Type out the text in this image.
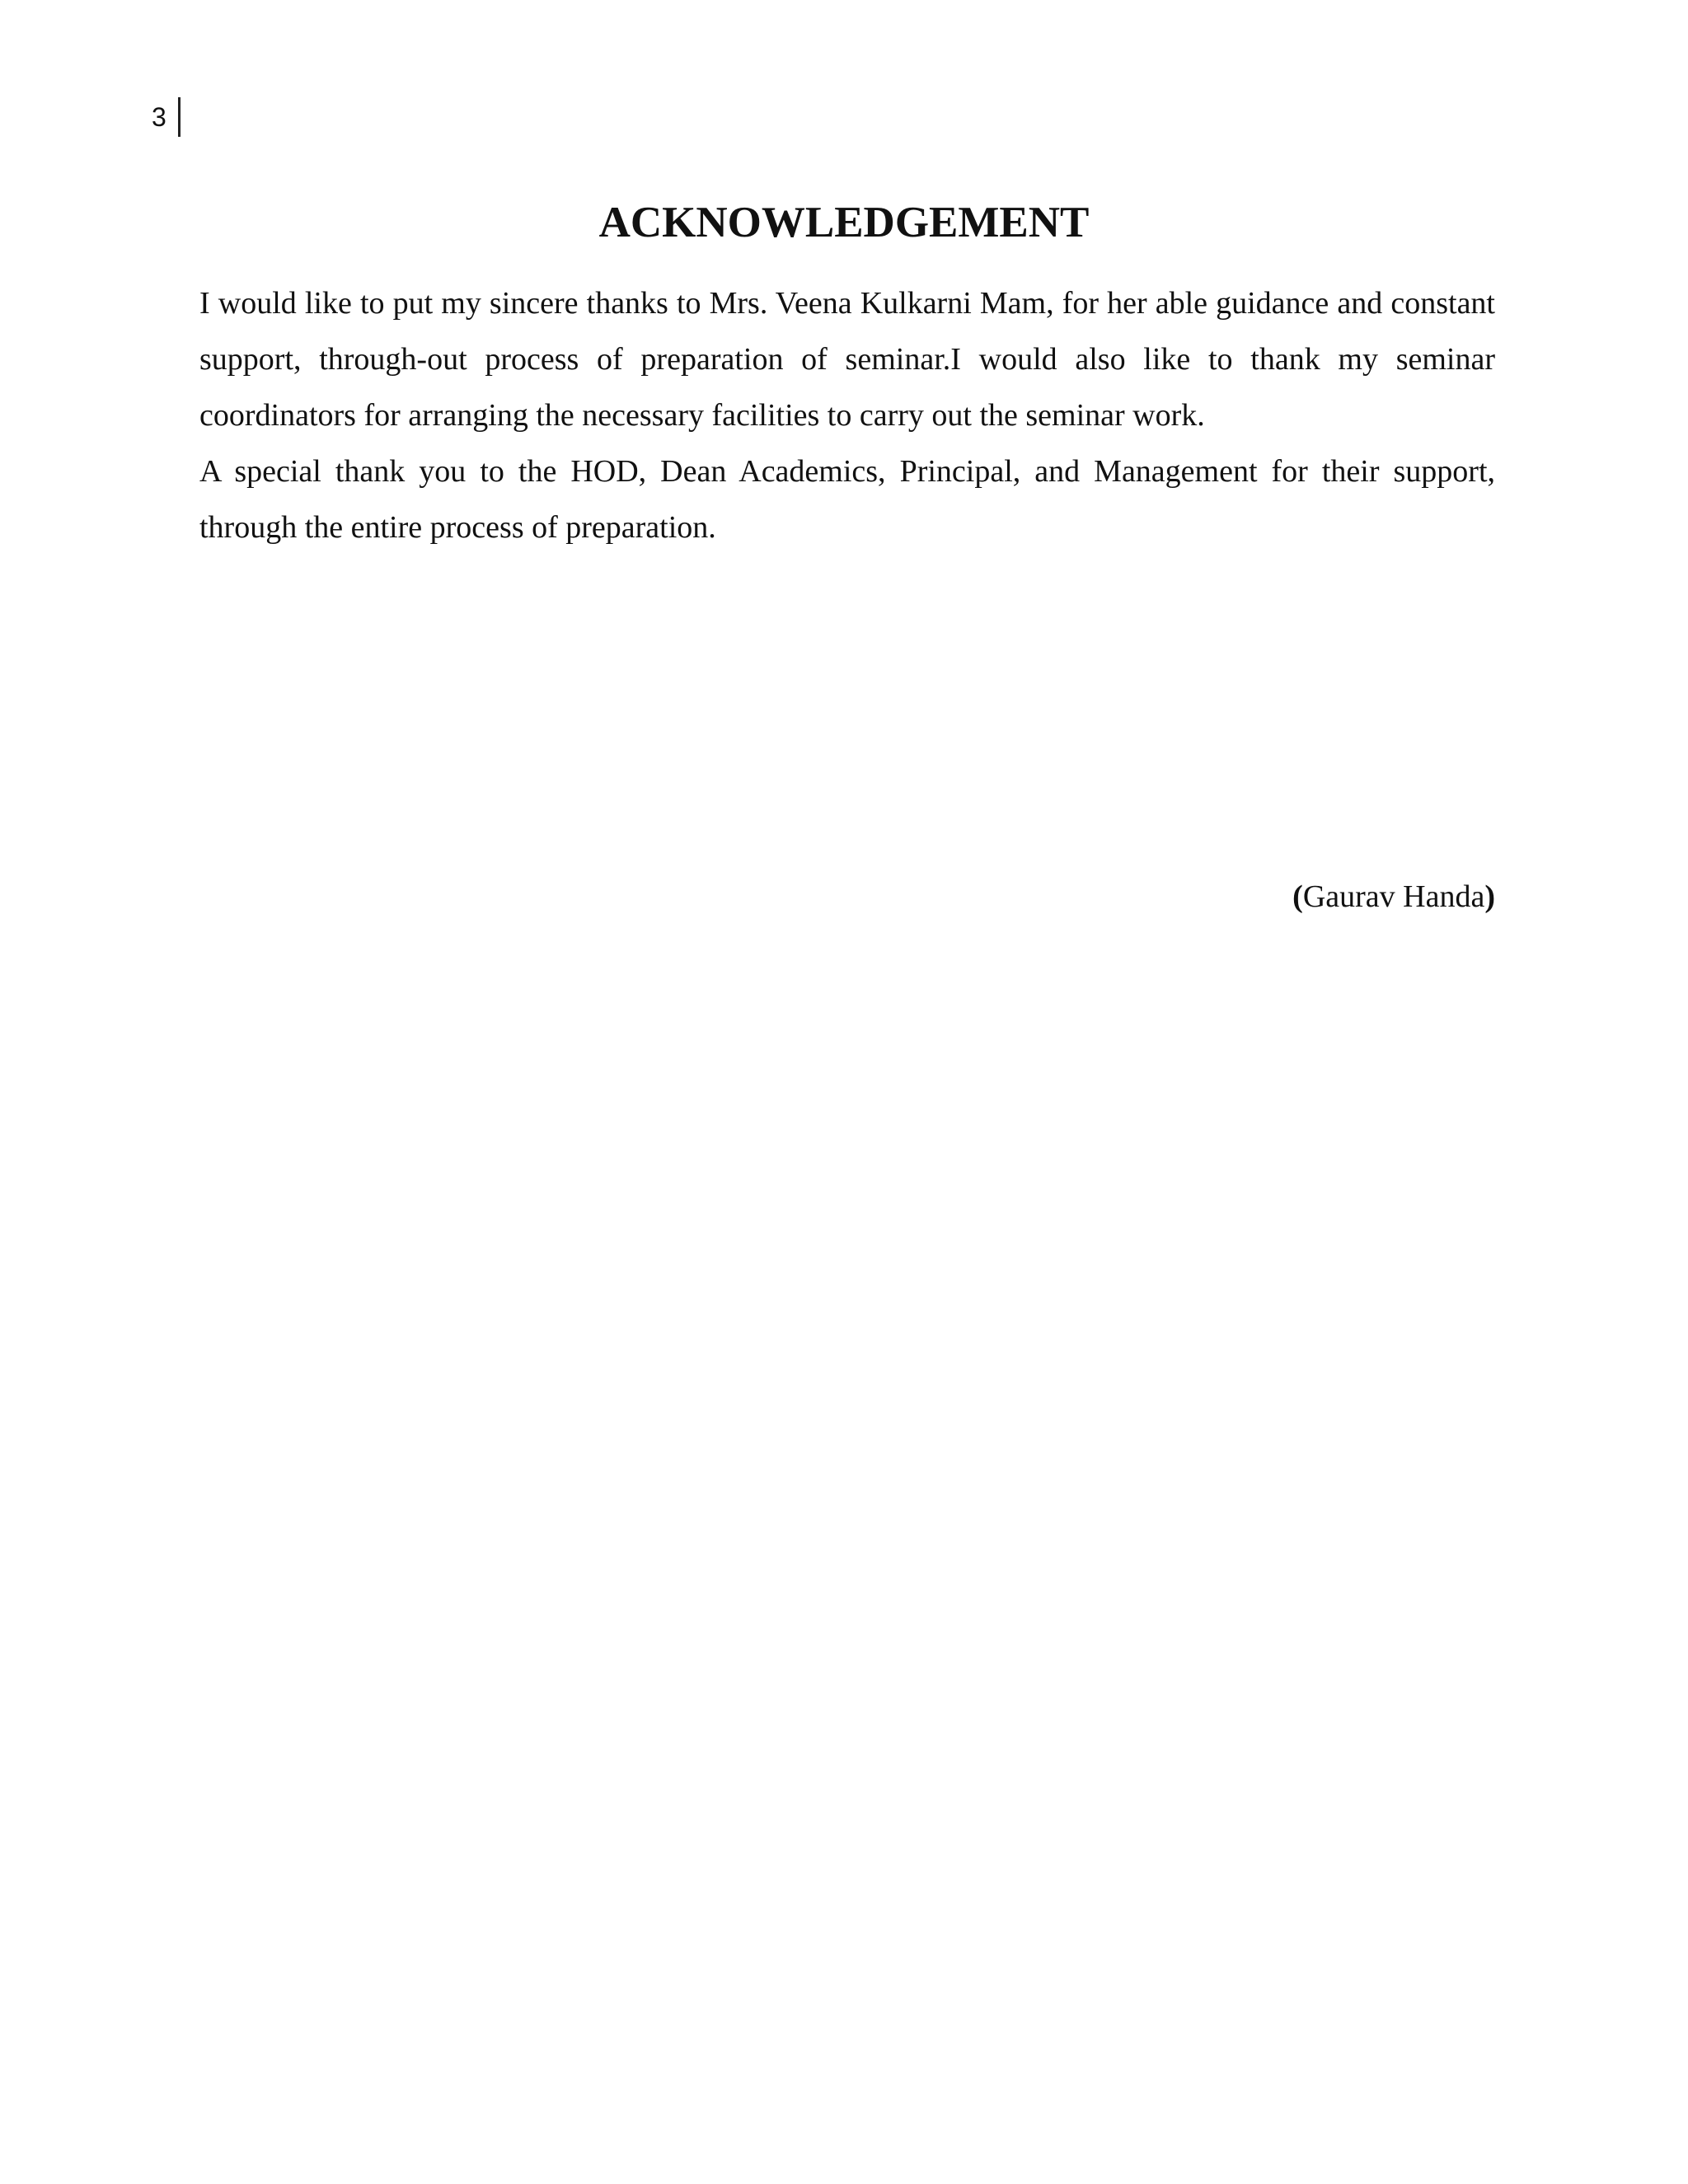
3
ACKNOWLEDGEMENT

I would like to put my sincere thanks to Mrs. Veena Kulkarni Mam, for her able guidance and constant support, through-out process of preparation of seminar.I would also like to thank my seminar coordinators for arranging the necessary facilities to carry out the seminar work.

A special thank you to the HOD, Dean Academics, Principal, and Management for their support, through the entire process of preparation.

(Gaurav Handa)
